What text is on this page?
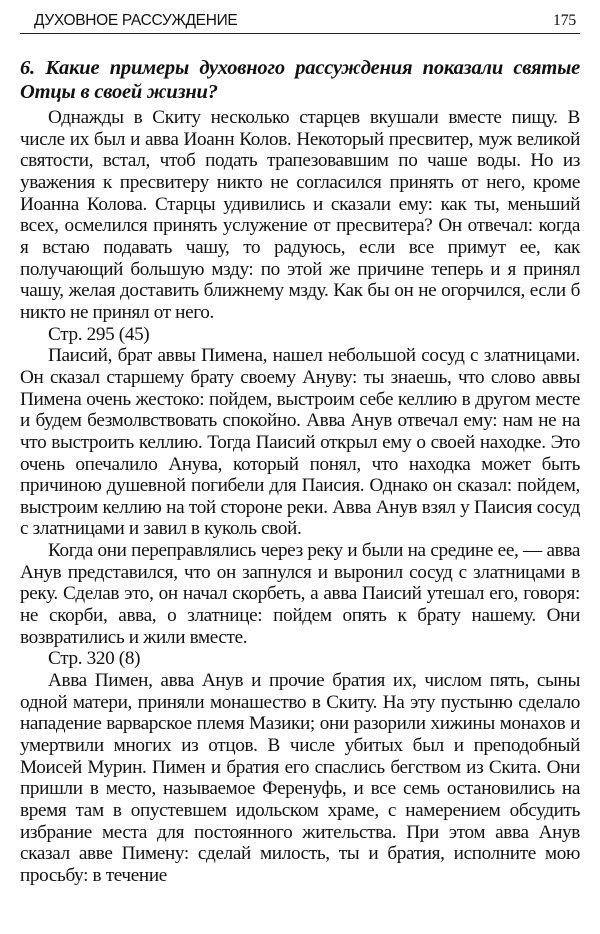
ДУХОВНОЕ РАССУЖДЕНИЕ	175

6. Какие примеры духовного рассуждения показали святые Отцы в своей жизни?

Однажды в Скиту несколько старцев вкушали вместе пищу. В числе их был и авва Иоанн Колов. Некоторый пресвитер, муж великой святости, встал, чтоб подать трапезовавшим по чаше воды. Но из уважения к пресвитеру никто не согласился принять от него, кроме Иоанна Колова. Старцы удивились и сказали ему: как ты, меньший всех, осмелился принять услужение от пресвитера? Он отвечал: когда я встаю подавать чашу, то радуюсь, если все примут ее, как получающий большую мзду: по этой же причине теперь и я принял чашу, желая доставить ближнему мзду. Как бы он не огорчился, если б никто не принял от него.

Стр. 295 (45)

Паисий, брат аввы Пимена, нашел небольшой сосуд с златницами. Он сказал старшему брату своему Ануву: ты знаешь, что слово аввы Пимена очень жестоко: пойдем, выстроим себе келлию в другом месте и будем безмолвствовать спокойно. Авва Анув отвечал ему: нам не на что выстроить келлию. Тогда Паисий открыл ему о своей находке. Это очень опечалило Анува, который понял, что находка может быть причиною душевной погибели для Паисия. Однако он сказал: пойдем, выстроим келлию на той стороне реки. Авва Анув взял у Паисия сосуд с златницами и завил в куколь свой.

Когда они переправлялись через реку и были на средине ее, — авва Анув представился, что он запнулся и выронил сосуд с златницами в реку. Сделав это, он начал скорбеть, а авва Паисий утешал его, говоря: не скорби, авва, о златнице: пойдем опять к брату нашему. Они возвратились и жили вместе.

Стр. 320 (8)

Авва Пимен, авва Анув и прочие братия их, числом пять, сыны одной матери, приняли монашество в Скиту. На эту пустыню сделало нападение варварское племя Мазики; они разорили хижины монахов и умертвили многих из отцов. В числе убитых был и преподобный Моисей Мурин. Пимен и братия его спаслись бегством из Скита. Они пришли в место, называемое Ференуфь, и все семь остановились на время там в опустевшем идольском храме, с намерением обсудить избрание места для постоянного жительства. При этом авва Анув сказал авве Пимену: сделай милость, ты и братия, исполните мою просьбу: в течение
